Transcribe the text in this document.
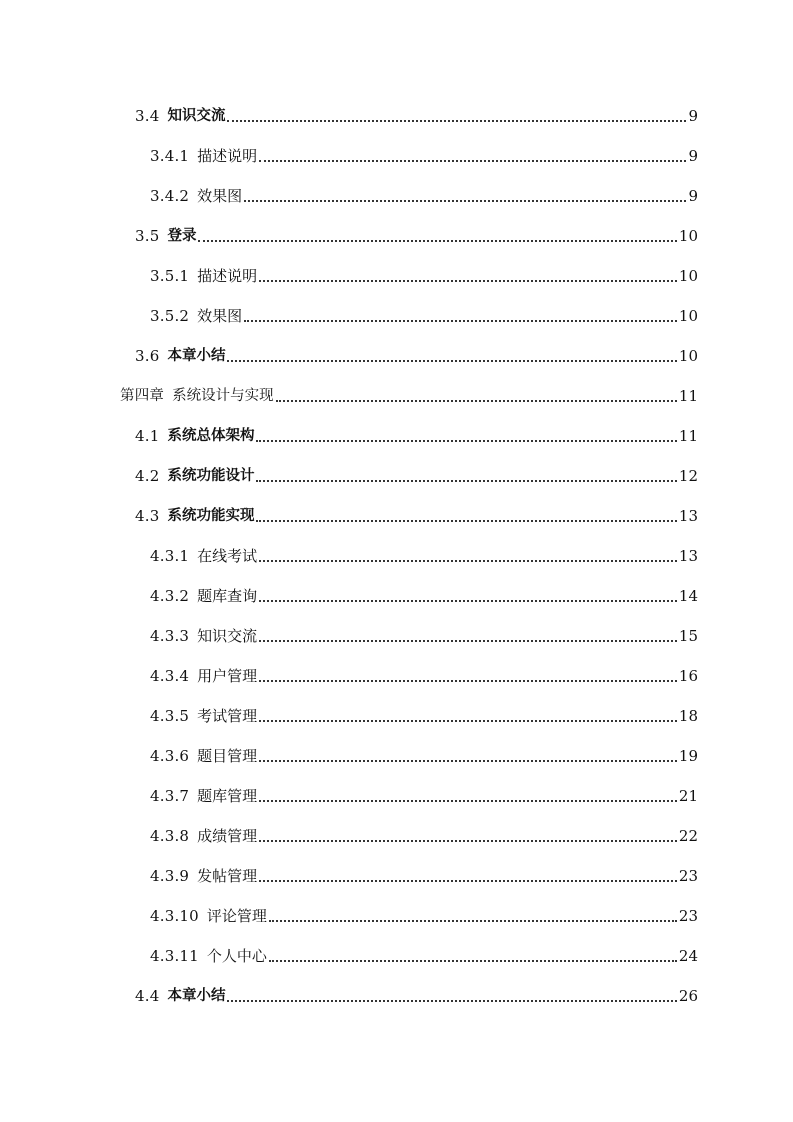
3.4 知识交流	9
3.4.1 描述说明	9
3.4.2 效果图	9
3.5 登录	10
3.5.1 描述说明	10
3.5.2 效果图	10
3.6 本章小结	10
第四章 系统设计与实现	11
4.1 系统总体架构	11
4.2 系统功能设计	12
4.3 系统功能实现	13
4.3.1 在线考试	13
4.3.2 题库查询	14
4.3.3 知识交流	15
4.3.4 用户管理	16
4.3.5 考试管理	18
4.3.6 题目管理	19
4.3.7 题库管理	21
4.3.8 成绩管理	22
4.3.9 发帖管理	23
4.3.10 评论管理	23
4.3.11 个人中心	24
4.4 本章小结	26
